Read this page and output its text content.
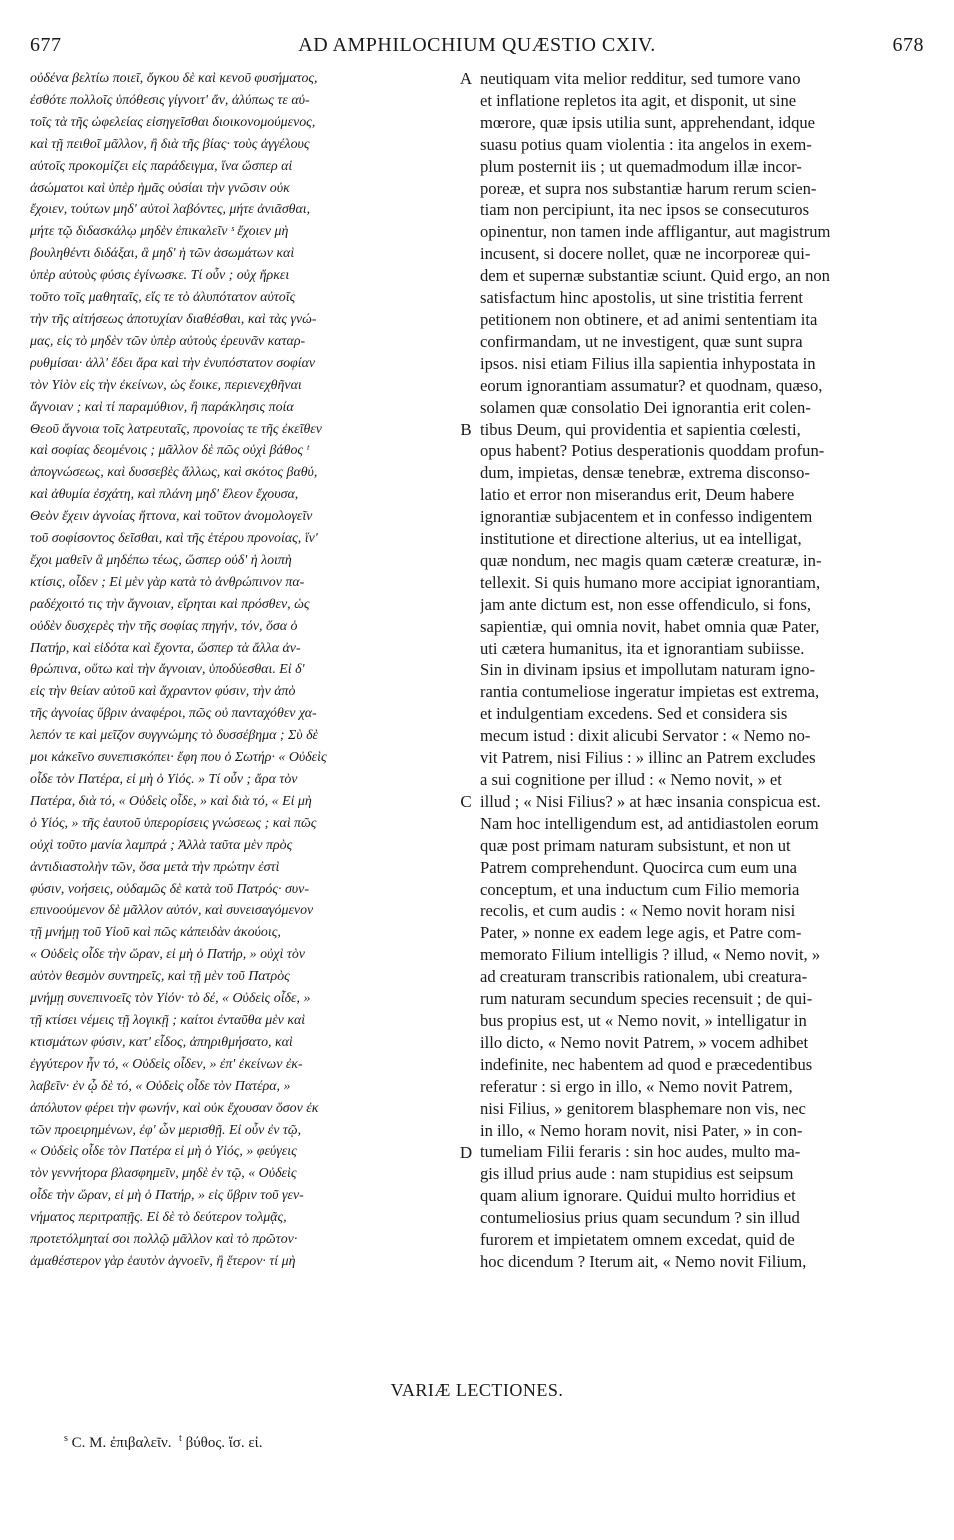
677	AD AMPHILOCHIUM QUÆSTIO CXIV.	678
οὐδένα βελτίω ποιεῖ, ὄγκου δὲ καὶ κενοῦ φυσήματος,
ἐσθότε πολλοῖς ὑπόθεσις γίγνοιτ' ἄν, ἀλύπως τε αὐ-
τοῖς τὰ τῆς ὠφελείας εἰσηγεῖσθαι διοικονομούμενος,
καὶ τῇ πειθοῖ μᾶλλον, ἢ διὰ τῆς βίας· τοὺς ἀγγέλους
αὐτοῖς προκομίζει εἰς παράδειγμα, ἵνα ὥσπερ αἱ
ἀσώματοι καὶ ὑπὲρ ἡμᾶς οὐσίαι τὴν γνῶσιν οὐκ
ἔχοιεν, τούτων μηδ' αὐτοὶ λαβόντες, μήτε ἀνιᾶσθαι,
μήτε τῷ διδασκάλῳ μηδὲν ἐπικαλεῖν ˢ ἔχοιεν μὴ
βουληθέντι διδάξαι, ἃ μηδ' ἡ τῶν ἀσωμάτων καὶ
ὑπὲρ αὐτοὺς φύσις ἐγίνωσκε. Τί οὖν ; οὐχ ἤρκει
τοῦτο τοῖς μαθηταῖς, εἴς τε τὸ ἀλυπότατον αὐτοῖς
τὴν τῆς αἰτήσεως ἀποτυχίαν διαθέσθαι, καὶ τὰς γνώ-
μας, εἰς τὸ μηδὲν τῶν ὑπὲρ αὐτοὺς ἐρευνᾶν καταρ-
ρυθμίσαι· ἀλλ' ἔδει ἄρα καὶ τὴν ἐνυπόστατον σοφίαν
τὸν Υἱὸν εἰς τὴν ἐκείνων, ὡς ἔοικε, περιενεχθῆναι
ἄγνοιαν ; καὶ τί παραμύθιον, ἢ παράκλησις ποία
Θεοῦ ἄγνοια τοῖς λατρευταῖς, προνοίας τε τῆς ἐκεῖθεν
καὶ σοφίας δεομένοις ; μᾶλλον δὲ πῶς οὐχὶ βάθος ᵗ
ἀπογνώσεως, καὶ δυσσεβὲς ἄλλως, καὶ σκότος βαθύ,
καὶ ἀθυμία ἐσχάτη, καὶ πλάνη μηδ' ἔλεον ἔχουσα,
Θεὸν ἔχειν ἀγνοίας ἥττονα, καὶ τοῦτον ἀνομολογεῖν
τοῦ σοφίσοντος δεῖσθαι, καὶ τῆς ἑτέρου προνοίας, ἵν'
ἔχοι μαθεῖν ἃ μηδέπω τέως, ὥσπερ οὐδ' ἡ λοιπὴ
κτίσις, οἶδεν ; Εἰ μὲν γὰρ κατὰ τὸ ἀνθρώπινον πα-
ραδέχοιτό τις τὴν ἄγνοιαν, εἴρηται καὶ πρόσθεν, ὡς
οὐδὲν δυσχερὲς τὴν τῆς σοφίας πηγήν, τόν, ὅσα ὁ
Πατήρ, καὶ εἰδότα καὶ ἔχοντα, ὥσπερ τὰ ἄλλα ἀν-
θρώπινα, οὕτω καὶ τὴν ἄγνοιαν, ὑποδύεσθαι. Εἰ δ'
εἰς τὴν θείαν αὐτοῦ καὶ ἄχραντον φύσιν, τὴν ἀπὸ
τῆς ἀγνοίας ὕβριν ἀναφέροι, πῶς οὐ πανταχόθεν χα-
λεπόν τε καὶ μεῖζον συγγνώμης τὸ δυσσέβημα ; Σὺ δὲ
μοι κἀκεῖνο συνεπισκόπει· ἔφη που ὁ Σωτήρ· « Οὐδεὶς
οἶδε τὸν Πατέρα, εἰ μὴ ὁ Υἱός. » Τί οὖν ; ἄρα τὸν
Πατέρα, διὰ τό, « Οὐδεὶς οἶδε, » καὶ διὰ τό, « Εἰ μὴ
ὁ Υἱός, » τῆς ἑαυτοῦ ὑπερορίσεις γνώσεως ; καὶ πῶς
οὐχὶ τοῦτο μανία λαμπρά ; Ἀλλὰ ταῦτα μὲν πρὸς
ἀντιδιαστολὴν τῶν, ὅσα μετὰ τὴν πρώτην ἐστὶ
φύσιν, νοήσεις, οὐδαμῶς δὲ κατὰ τοῦ Πατρός· συν-
επινοούμενον δὲ μᾶλλον αὐτόν, καὶ συνεισαγόμενον
τῇ μνήμῃ τοῦ Υἱοῦ καὶ πῶς κἀπειδὰν ἀκούοις,
« Οὐδεὶς οἶδε τὴν ὥραν, εἰ μὴ ὁ Πατήρ, » οὐχὶ τὸν
αὐτὸν θεσμὸν συντηρεῖς, καὶ τῇ μὲν τοῦ Πατρὸς
μνήμῃ συνεπινοεῖς τὸν Υἱόν· τὸ δέ, « Οὐδεὶς οἶδε, »
τῇ κτίσει νέμεις τῇ λογικῇ ; καίτοι ἐνταῦθα μὲν καὶ
κτισμάτων φύσιν, κατ' εἶδος, ἀπηριθμήσατο, καὶ
ἐγγύτερον ἦν τό, « Οὐδεὶς οἶδεν, » ἐπ' ἐκείνων ἐκ-
λαβεῖν· ἐν ᾧ δὲ τό, « Οὐδεὶς οἶδε τὸν Πατέρα, »
ἀπόλυτον φέρει τὴν φωνήν, καὶ οὐκ ἔχουσαν ὅσον ἐκ
τῶν προειρημένων, ἐφ' ὧν μερισθῇ. Εἰ οὖν ἐν τῷ,
« Οὐδεὶς οἶδε τὸν Πατέρα εἰ μὴ ὁ Υἱός, » φεύγεις
τὸν γεννήτορα βλασφημεῖν, μηδὲ ἐν τῷ, « Οὐδεὶς
οἶδε τὴν ὥραν, εἰ μὴ ὁ Πατήρ, » εἰς ὕβριν τοῦ γεν-
νήματος περιτραπῇς. Εἰ δὲ τὸ δεύτερον τολμᾷς,
προτετόλμηταί σοι πολλῷ μᾶλλον καὶ τὸ πρῶτον·
ἀμαθέστερον γὰρ ἑαυτὸν ἀγνοεῖν, ἢ ἕτερον· τί μὴ
A
B
C
D
neutiquam vita melior redditur, sed tumore vano
et inflatione repletos ita agit, et disponit, ut sine
mœrore, quæ ipsis utilia sunt, apprehendant, idque
suasu potius quam violentia : ita angelos in exem-
plum posternit iis ; ut quemadmodum illæ incor-
poreæ, et supra nos substantiæ harum rerum scien-
tiam non percipiunt, ita nec ipsos se consecuturos
opinentur, non tamen inde affligantur, aut magistrum
incusent, si docere nollet, quæ ne incorporeæ qui-
dem et supernæ substantiæ sciunt. Quid ergo, an non
satisfactum hinc apostolis, ut sine tristitia ferrent
petitionem non obtinere, et ad animi sententiam ita
confirmandam, ut ne investigent, quæ sunt supra
ipsos. nisi etiam Filius illa sapientia inhypostata in
eorum ignorantiam assumatur? et quodnam, quæso,
solamen quæ consolatio Dei ignorantia erit colen-
tibus Deum, qui providentia et sapientia cœlesti,
opus habent? Potius desperationis quoddam profun-
dum, impietas, densæ tenebræ, extrema disconso-
latio et error non miserandus erit, Deum habere
ignorantiæ subjacentem et in confesso indigentem
institutione et directione alterius, ut ea intelligat,
quæ nondum, nec magis quam cæteræ creaturæ, in-
tellexit. Si quis humano more accipiat ignorantiam,
jam ante dictum est, non esse offendiculo, si fons,
sapientiæ, qui omnia novit, habet omnia quæ Pater,
uti cætera humanitus, ita et ignorantiam subiisse.
Sin in divinam ipsius et impollutam naturam igno-
rantia contumeliose ingeratur impietas est extrema,
et indulgentiam excedens. Sed et considera sis
mecum istud : dixit alicubi Servator : « Nemo no-
vit Patrem, nisi Filius : » illinc an Patrem excludes
a sui cognitione per illud : « Nemo novit, » et
illud ; « Nisi Filius? » at hæc insania conspicua est.
Nam hoc intelligendum est, ad antidiastolen eorum
quæ post primam naturam subsistunt, et non ut
Patrem comprehendunt. Quocirca cum eum una
conceptum, et una inductum cum Filio memoria
recolis, et cum audis : « Nemo novit horam nisi
Pater, » nonne ex eadem lege agis, et Patre com-
memorato Filium intelligis ? illud, « Nemo novit, »
ad creaturam transcribis rationalem, ubi creatura-
rum naturam secundum species recensuit ; de qui-
bus propius est, ut « Nemo novit, » intelligatur in
illo dicto, « Nemo novit Patrem, » vocem adhibet
indefinite, nec habentem ad quod e præcedentibus
referatur : si ergo in illo, « Nemo novit Patrem,
nisi Filius, » genitorem blasphemare non vis, nec
in illo, « Nemo horam novit, nisi Pater, » in con-
tumeliam Filii feraris : sin hoc audes, multo ma-
gis illud prius aude : nam stupidius est seipsum
quam alium ignorare. Quidui multo horridius et
contumeliosius prius quam secundum ? sin illud
furorem et impietatem omnem excedat, quid de
hoc dicendum ? Iterum ait, « Nemo novit Filium,
VARIÆ LECTIONES.
$^s$ C. M. ἐπιβαλεῖν. $^t$ βύθος. ἴσ. εἰ.
